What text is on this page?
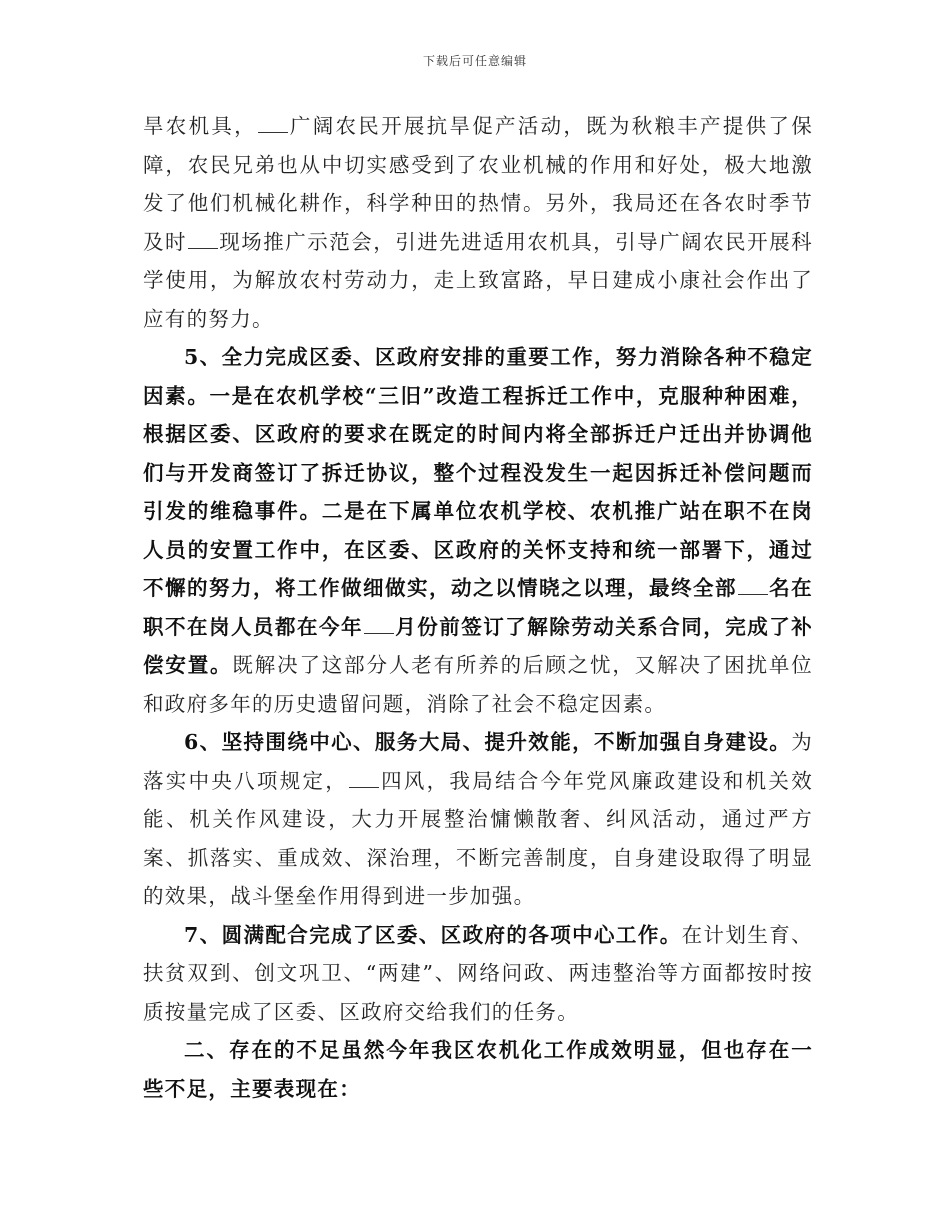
下载后可任意编辑

旱农机具， 广阔农民开展抗旱促产活动，既为秋粮丰产提供了保障，农民兄弟也从中切实感受到了农业机械的作用和好处，极大地激发了他们机械化耕作，科学种田的热情。另外，我局还在各农时季节及时 现场推广示范会，引进先进适用农机具，引导广阔农民开展科学使用，为解放农村劳动力，走上致富路，早日建成小康社会作出了应有的努力。

5、全力完成区委、区政府安排的重要工作，努力消除各种不稳定因素。一是在农机学校“三旧”改造工程拆迁工作中，克服种种困难，根据区委、区政府的要求在既定的时间内将全部拆迁户迁出并协调他们与开发商签订了拆迁协议，整个过程没发生一起因拆迁补偿问题而引发的维稳事件。二是在下属单位农机学校、农机推广站在职不在岗人员的安置工作中，在区委、区政府的关怀支持和统一部署下，通过不懈的努力，将工作做细做实，动之以情晓之以理，最终全部 名在职不在岗人员都在今年 月份前签订了解除劳动关系合同，完成了补偿安置。既解决了这部分人老有所养的后顾之忧，又解决了困扰单位和政府多年的历史遗留问题，消除了社会不稳定因素。

6、坚持围绕中心、服务大局、提升效能，不断加强自身建设。为落实中央八项规定， 四风，我局结合今年党风廉政建设和机关效能、机关作风建设，大力开展整治慵懒散奢、纠风活动，通过严方案、抓落实、重成效、深治理，不断完善制度，自身建设取得了明显的效果，战斗堡垒作用得到进一步加强。

7、圆满配合完成了区委、区政府的各项中心工作。在计划生育、扶贫双到、创文巩卫、“两建”、网络问政、两违整治等方面都按时按质按量完成了区委、区政府交给我们的任务。

二、存在的不足虽然今年我区农机化工作成效明显，但也存在一些不足，主要表现在：
